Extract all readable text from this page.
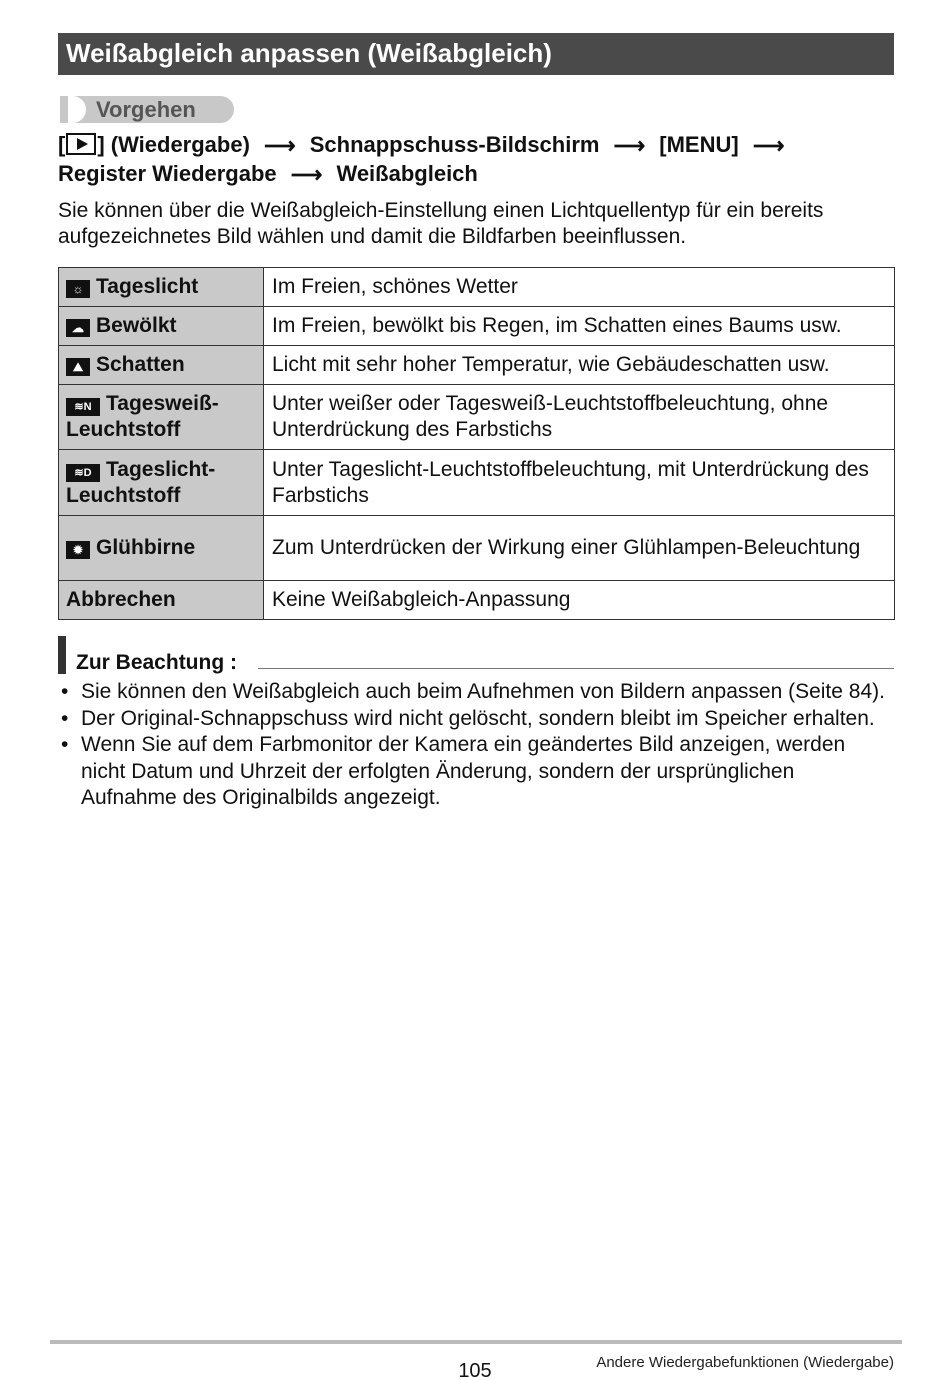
Weißabgleich anpassen (Weißabgleich)
Vorgehen
[ ] (Wiedergabe) ⟶ Schnappschuss-Bildschirm ⟶ [MENU] ⟶
Register Wiedergabe ⟶ Weißabgleich

Sie können über die Weißabgleich-Einstellung einen Lichtquellentyp für ein bereits aufgezeichnetes Bild wählen und damit die Bildfarben beeinflussen.

☼ Tageslicht	Im Freien, schönes Wetter
☁ Bewölkt	Im Freien, bewölkt bis Regen, im Schatten eines Baums usw.
⛰ Schatten	Licht mit sehr hoher Temperatur, wie Gebäudeschatten usw.
≋N Tagesweiß-Leuchtstoff	Unter weißer oder Tagesweiß-Leuchtstoffbeleuchtung, ohne Unterdrückung des Farbstichs
≋D Tageslicht-Leuchtstoff	Unter Tageslicht-Leuchtstoffbeleuchtung, mit Unterdrückung des Farbstichs
✹ Glühbirne	Zum Unterdrücken der Wirkung einer Glühlampen-Beleuchtung
Abbrechen	Keine Weißabgleich-Anpassung
Zur Beachtung :
• Sie können den Weißabgleich auch beim Aufnehmen von Bildern anpassen (Seite 84).
• Der Original-Schnappschuss wird nicht gelöscht, sondern bleibt im Speicher erhalten.
• Wenn Sie auf dem Farbmonitor der Kamera ein geändertes Bild anzeigen, werden nicht Datum und Uhrzeit der erfolgten Änderung, sondern der ursprünglichen Aufnahme des Originalbilds angezeigt.
105	Andere Wiedergabefunktionen (Wiedergabe)
